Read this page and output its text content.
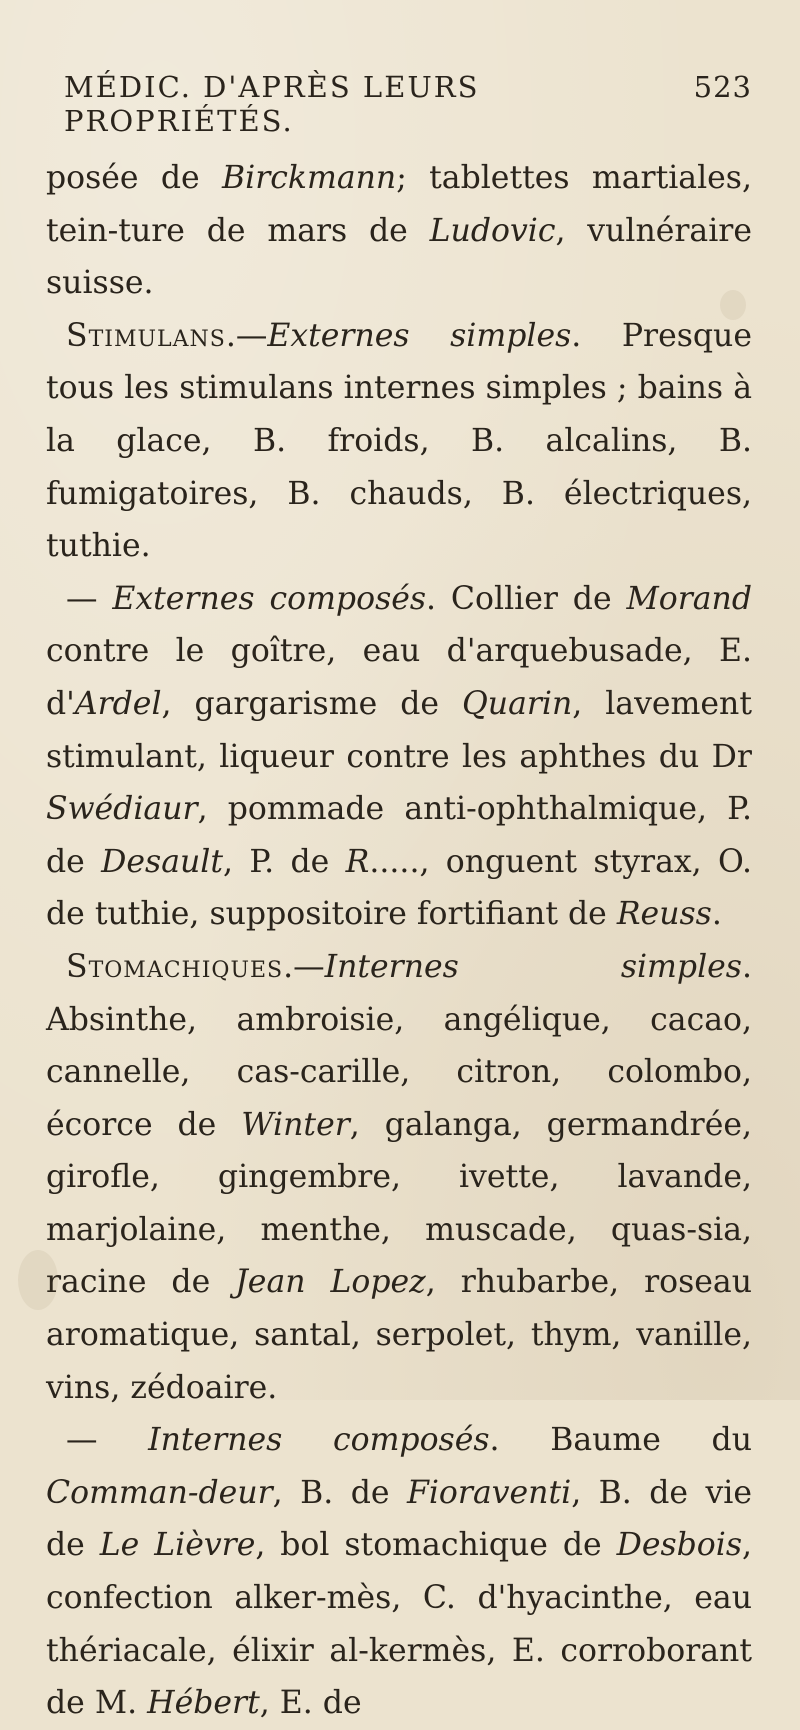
MÉDIC. D'APRÈS LEURS PROPRIÉTÉS.
523

posée de Birckmann; tablettes martiales, tein-ture de mars de Ludovic, vulnéraire suisse.

Stimulans.—Externes simples. Presque tous les stimulans internes simples ; bains à la glace, B. froids, B. alcalins, B. fumigatoires, B. chauds, B. électriques, tuthie.

— Externes composés. Collier de Morand contre le goître, eau d'arquebusade, E. d'Ardel, gargarisme de Quarin, lavement stimulant, liqueur contre les aphthes du Dr Swédiaur, pommade anti-ophthalmique, P. de Desault, P. de R....., onguent styrax, O. de tuthie, suppositoire fortifiant de Reuss.

Stomachiques.—Internes simples. Absinthe, ambroisie, angélique, cacao, cannelle, cas-carille, citron, colombo, écorce de Winter, galanga, germandrée, girofle, gingembre, ivette, lavande, marjolaine, menthe, muscade, quas-sia, racine de Jean Lopez, rhubarbe, roseau aromatique, santal, serpolet, thym, vanille, vins, zédoaire.

— Internes composés. Baume du Comman-deur, B. de Fioraventi, B. de vie de Le Lièvre, bol stomachique de Desbois, confection alker-mès, C. d'hyacinthe, eau thériacale, élixir al-kermès, E. corroborant de M. Hébert, E. de
